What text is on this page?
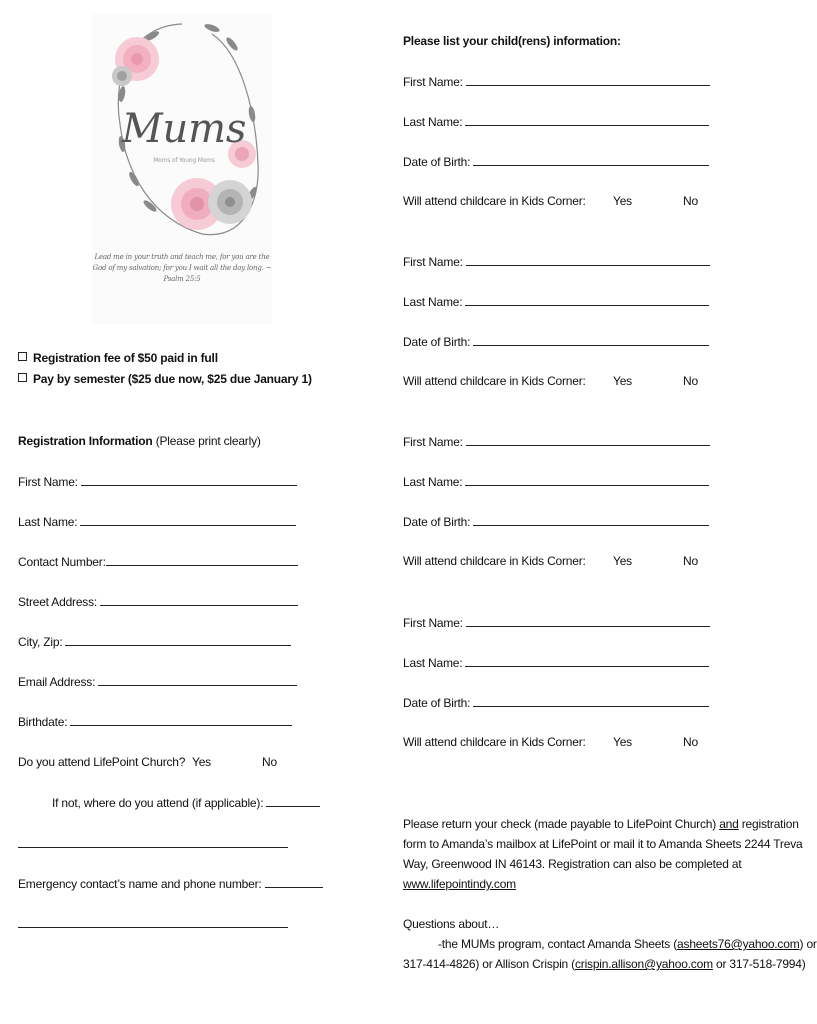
Mums
Moms of Young Moms
Lead me in your truth and teach me, for you are the God of my salvation; for you I wait all the day long. ~ Psalm 25:5
Registration fee of $50 paid in full
Pay by semester ($25 due now, $25 due January 1)
Registration Information (Please print clearly)
First Name:
Last Name:
Contact Number:
Street Address:
City, Zip:
Email Address:
Birthdate:
Do you attend LifePoint Church? Yes	No
If not, where do you attend (if applicable):
Emergency contact’s name and phone number:
Please list your child(rens) information:
First Name:
Last Name:
Date of Birth:
Will attend childcare in Kids Corner: Yes	No
First Name:
Last Name:
Date of Birth:
Will attend childcare in Kids Corner: Yes	No
First Name:
Last Name:
Date of Birth:
Will attend childcare in Kids Corner: Yes	No
First Name:
Last Name:
Date of Birth:
Will attend childcare in Kids Corner: Yes	No
Please return your check (made payable to LifePoint Church) and registration
form to Amanda’s mailbox at LifePoint or mail it to Amanda Sheets 2244 Treva
Way, Greenwood IN 46143. Registration can also be completed at
www.lifepointindy.com
Questions about…
-the MUMs program, contact Amanda Sheets (asheets76@yahoo.com) or
317-414-4826) or Allison Crispin (crispin.allison@yahoo.com or 317-518-7994)
